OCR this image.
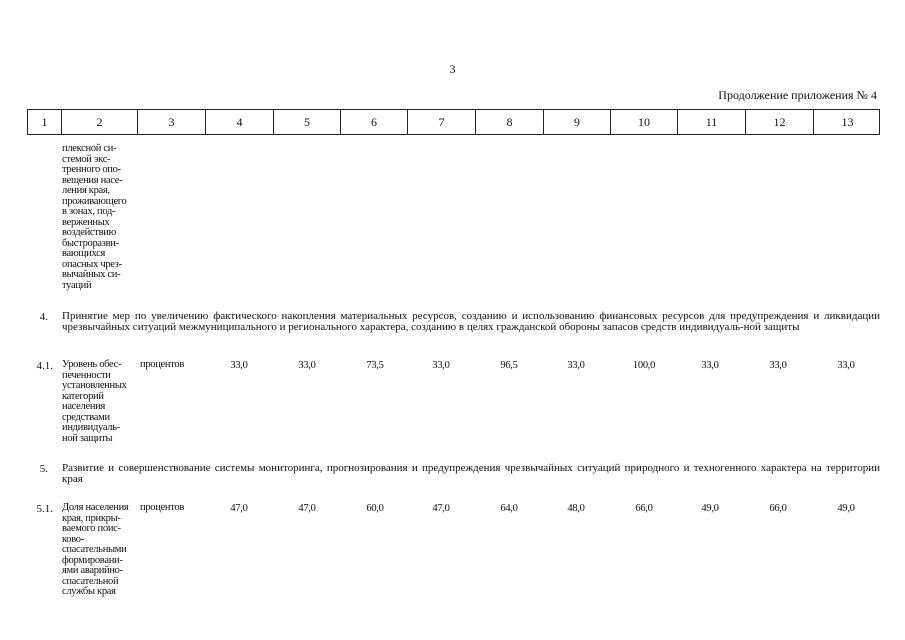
3
Продолжение приложения № 4
1	2	3	4	5	6	7	8	9	10	11	12	13
плексной си-
стемой экс-
тренного опо-
вещения насе-
ления края,
проживающего
в зонах, под-
верженных
воздействию
быстроразви-
вающихся
опасных чрез-
вычайных си-
туаций
4. Принятие мер по увеличению фактического накопления материальных ресурсов, созданию и использованию финансовых ресурсов для предупреждения и ликвидации чрезвычайных ситуаций межмуниципального и регионального характера, созданию в целях гражданской обороны запасов средств индивидуаль-ной защиты
4.1. Уровень обес-
печенности
установленных
категорий
населения
средствами
индивидуаль-
ной защиты
процентов	33,0	33,0	73,5	33,0	96,5	33,0	100,0	33,0	33,0	33,0
5. Развитие и совершенствование системы мониторинга, прогнозирования и предупреждения чрезвычайных ситуаций природного и техногенного характера на территории края
5.1. Доля населения
края, прикры-
ваемого поис-
ково-
спасательными
формировани-
ями аварийно-
спасательной
службы края
процентов	47,0	47,0	60,0	47,0	64,0	48,0	66,0	49,0	66,0	49,0
